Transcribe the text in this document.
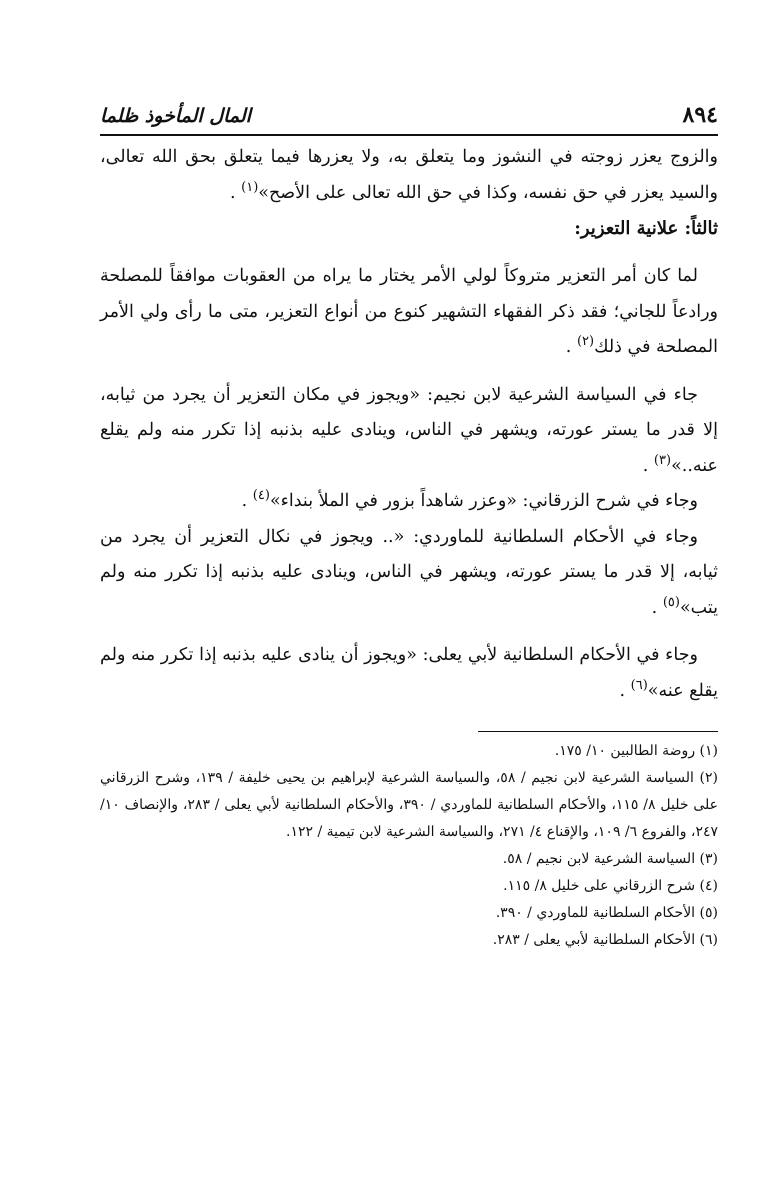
٨٩٤
المال المأخوذ ظلما

والزوج يعزر زوجته في النشوز وما يتعلق به، ولا يعزرها فيما يتعلق بحق الله تعالى، والسيد يعزر في حق نفسه، وكذا في حق الله تعالى على الأصح»$^{(١)}$ .

ثالثاً: علانية التعزير:

لما كان أمر التعزير متروكاً لولي الأمر يختار ما يراه من العقوبات موافقاً للمصلحة ورادعاً للجاني؛ فقد ذكر الفقهاء التشهير كنوع من أنواع التعزير، متى ما رأى ولي الأمر المصلحة في ذلك$^{(٢)}$ .

جاء في السياسة الشرعية لابن نجيم: «ويجوز في مكان التعزير أن يجرد من ثيابه، إلا قدر ما يستر عورته، ويشهر في الناس، وينادى عليه بذنبه إذا تكرر منه ولم يقلع عنه..»$^{(٣)}$ .

وجاء في شرح الزرقاني: «وعزر شاهداً بزور في الملأ بنداء»$^{(٤)}$ .

وجاء في الأحكام السلطانية للماوردي: «.. ويجوز في نكال التعزير أن يجرد من ثيابه، إلا قدر ما يستر عورته، ويشهر في الناس، وينادى عليه بذنبه إذا تكرر منه ولم يتب»$^{(٥)}$ .

وجاء في الأحكام السلطانية لأبي يعلى: «ويجوز أن ينادى عليه بذنبه إذا تكرر منه ولم يقلع عنه»$^{(٦)}$ .

(١) روضة الطالبين ١٠/ ١٧٥.

(٢) السياسة الشرعية لابن نجيم / ٥٨، والسياسة الشرعية لإبراهيم بن يحيى خليفة / ١٣٩، وشرح الزرقاني على خليل ٨/ ١١٥، والأحكام السلطانية للماوردي / ٣٩٠، والأحكام السلطانية لأبي يعلى / ٢٨٣، والإنصاف ١٠/ ٢٤٧، والفروع ٦/ ١٠٩، والإقناع ٤/ ٢٧١، والسياسة الشرعية لابن تيمية / ١٢٢.

(٣) السياسة الشرعية لابن نجيم / ٥٨.

(٤) شرح الزرقاني على خليل ٨/ ١١٥.

(٥) الأحكام السلطانية للماوردي / ٣٩٠.

(٦) الأحكام السلطانية لأبي يعلى / ٢٨٣.
